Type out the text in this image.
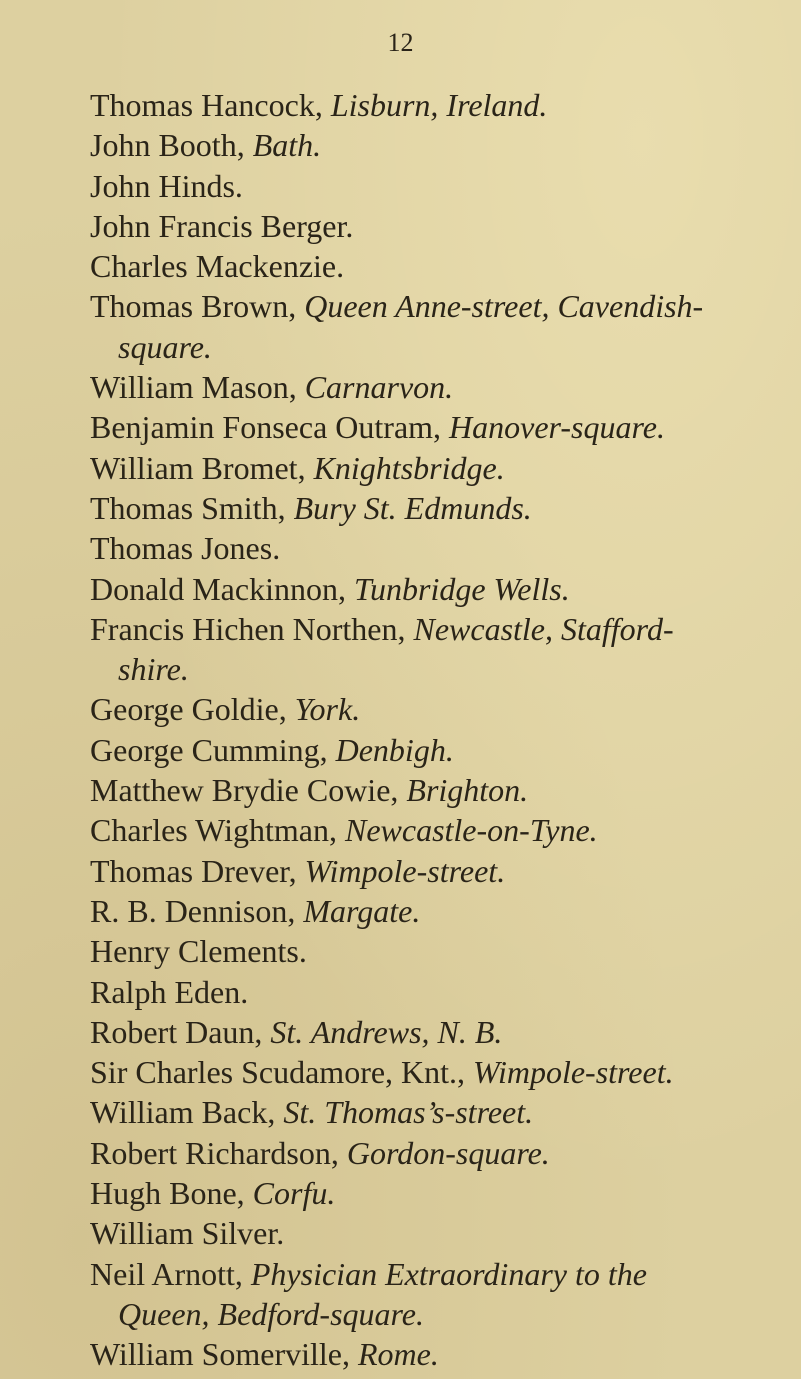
12
Thomas Hancock, Lisburn, Ireland.
John Booth, Bath.
John Hinds.
John Francis Berger.
Charles Mackenzie.
Thomas Brown, Queen Anne-street, Cavendish-
square.
William Mason, Carnarvon.
Benjamin Fonseca Outram, Hanover-square.
William Bromet, Knightsbridge.
Thomas Smith, Bury St. Edmunds.
Thomas Jones.
Donald Mackinnon, Tunbridge Wells.
Francis Hichen Northen, Newcastle, Stafford-
shire.
George Goldie, York.
George Cumming, Denbigh.
Matthew Brydie Cowie, Brighton.
Charles Wightman, Newcastle-on-Tyne.
Thomas Drever, Wimpole-street.
R. B. Dennison, Margate.
Henry Clements.
Ralph Eden.
Robert Daun, St. Andrews, N. B.
Sir Charles Scudamore, Knt., Wimpole-street.
William Back, St. Thomas’s-street.
Robert Richardson, Gordon-square.
Hugh Bone, Corfu.
William Silver.
Neil Arnott, Physician Extraordinary to the
Queen, Bedford-square.
William Somerville, Rome.
